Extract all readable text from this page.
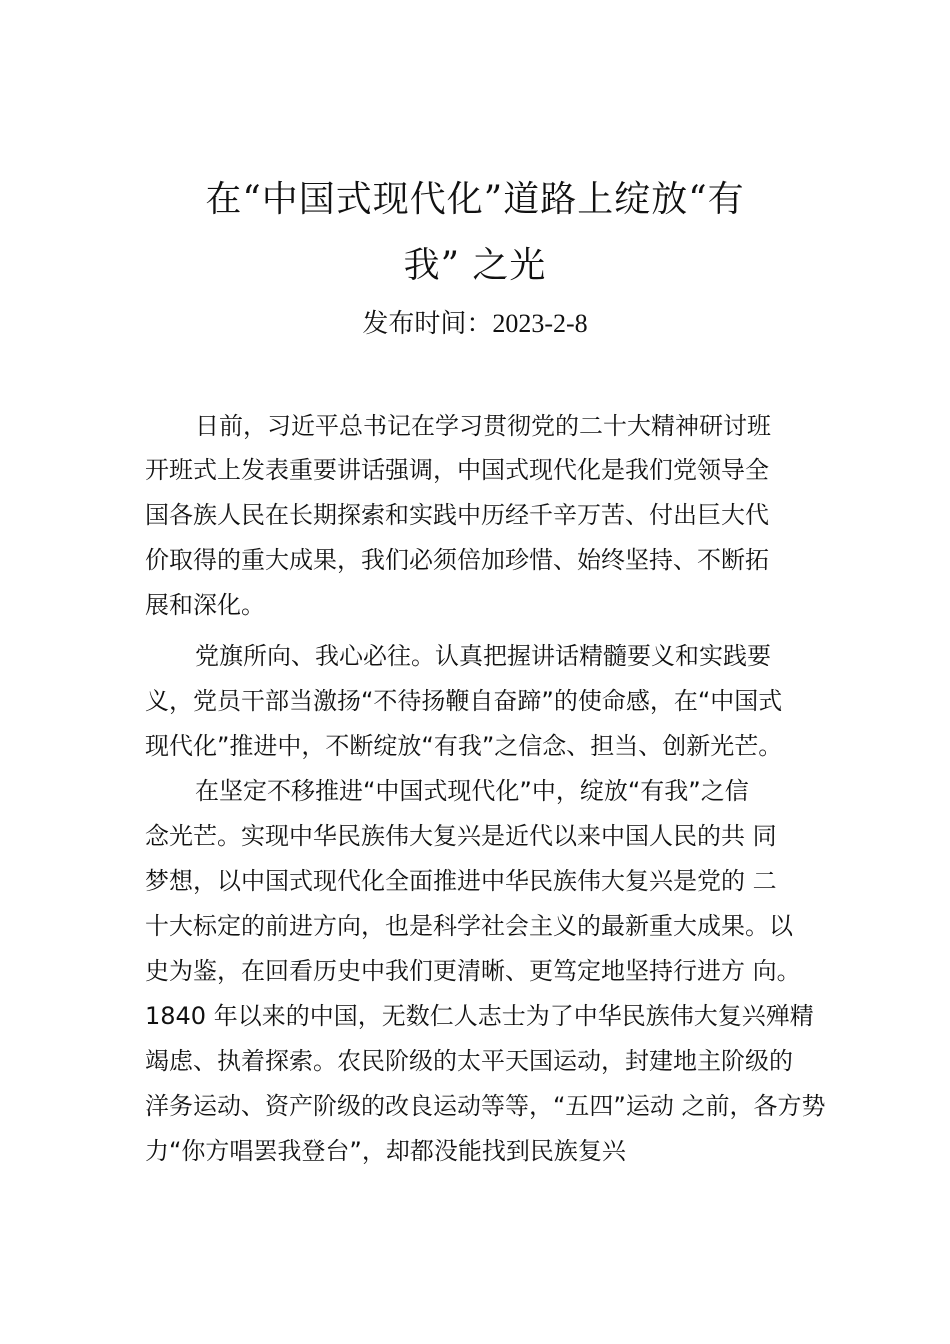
在“中国式现代化”道路上绽放“有
我” 之光
发布时间：2023-2-8
日前，习近平总书记在学习贯彻党的二十大精神研讨班
开班式上发表重要讲话强调，中国式现代化是我们党领导全
国各族人民在长期探索和实践中历经千辛万苦、付出巨大代
价取得的重大成果，我们必须倍加珍惜、始终坚持、不断拓
展和深化。
党旗所向、我心必往。认真把握讲话精髓要义和实践要
义，党员干部当激扬“不待扬鞭自奋蹄”的使命感，在“中国式
现代化”推进中，不断绽放“有我”之信念、担当、创新光芒。
在坚定不移推进“中国式现代化”中，绽放“有我”之信
念光芒。实现中华民族伟大复兴是近代以来中国人民的共 同
梦想，以中国式现代化全面推进中华民族伟大复兴是党的 二
十大标定的前进方向，也是科学社会主义的最新重大成果。以
史为鉴，在回看历史中我们更清晰、更笃定地坚持行进方 向。
1840 年以来的中国，无数仁人志士为了中华民族伟大复兴殚精
竭虑、执着探索。农民阶级的太平天国运动，封建地主阶级的
洋务运动、资产阶级的改良运动等等，“五四”运动 之前，各方势
力“你方唱罢我登台”，却都没能找到民族复兴
